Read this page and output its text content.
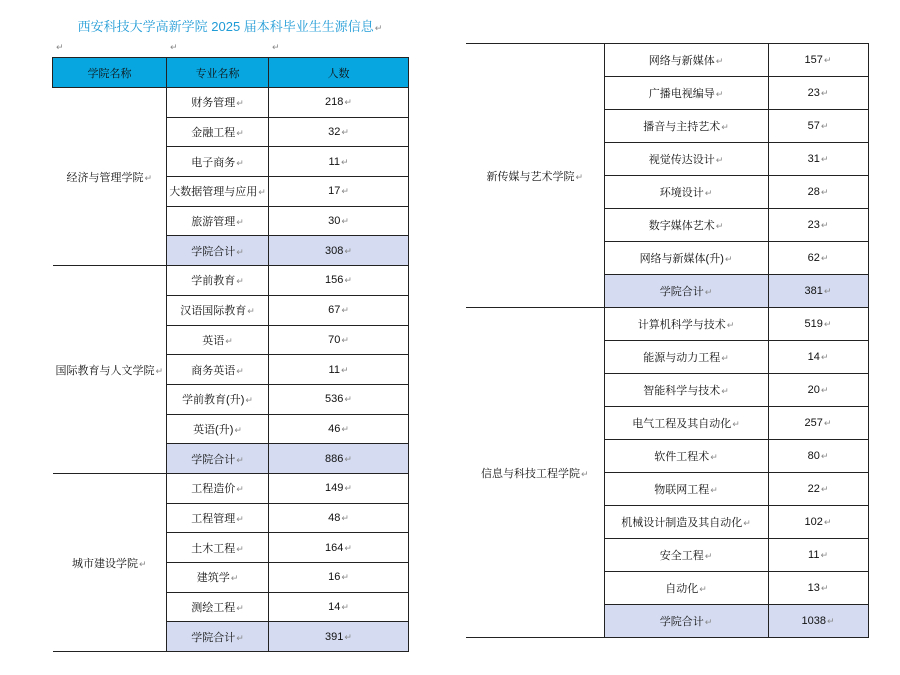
西安科技大学高新学院 2025 届本科毕业生生源信息↵
↵	↵	↵
学院名称	专业名称	人数
经济与管理学院↵	财务管理↵	218↵
	金融工程↵	32↵
	电子商务↵	11↵
	大数据管理与应用↵	17↵
	旅游管理↵	30↵
	学院合计↵	308↵
国际教育与人文学院↵	学前教育↵	156↵
	汉语国际教育↵	67↵
	英语↵	70↵
	商务英语↵	11↵
	学前教育(升)↵	536↵
	英语(升)↵	46↵
	学院合计↵	886↵
城市建设学院↵	工程造价↵	149↵
	工程管理↵	48↵
	土木工程↵	164↵
	建筑学↵	16↵
	测绘工程↵	14↵
	学院合计↵	391↵
新传媒与艺术学院↵	网络与新媒体↵	157↵
	广播电视编导↵	23↵
	播音与主持艺术↵	57↵
	视觉传达设计↵	31↵
	环境设计↵	28↵
	数字媒体艺术↵	23↵
	网络与新媒体(升)↵	62↵
	学院合计↵	381↵
信息与科技工程学院↵	计算机科学与技术↵	519↵
	能源与动力工程↵	14↵
	智能科学与技术↵	20↵
	电气工程及其自动化↵	257↵
	软件工程术↵	80↵
	物联网工程↵	22↵
	机械设计制造及其自动化↵	102↵
	安全工程↵	11↵
	自动化↵	13↵
	学院合计↵	1038↵
